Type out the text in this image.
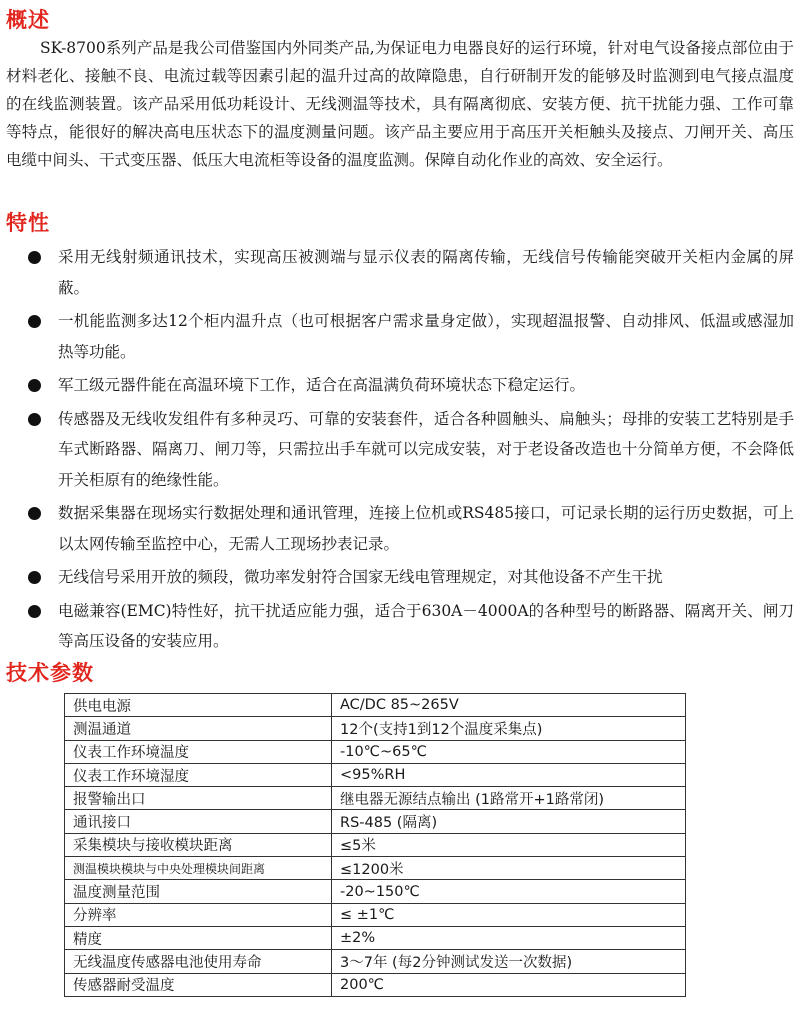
概述

SK-8700系列产品是我公司借鉴国内外同类产品,为保证电力电器良好的运行环境，针对电气设备接点部位由于材料老化、接触不良、电流过载等因素引起的温升过高的故障隐患，自行研制开发的能够及时监测到电气接点温度的在线监测装置。该产品采用低功耗设计、无线测温等技术，具有隔离彻底、安装方便、抗干扰能力强、工作可靠等特点，能很好的解决高电压状态下的温度测量问题。该产品主要应用于高压开关柜触头及接点、刀闸开关、高压电缆中间头、干式变压器、低压大电流柜等设备的温度监测。保障自动化作业的高效、安全运行。

特性
采用无线射频通讯技术，实现高压被测端与显示仪表的隔离传输，无线信号传输能突破开关柜内金属的屏蔽。
一机能监测多达12个柜内温升点（也可根据客户需求量身定做），实现超温报警、自动排风、低温或感湿加热等功能。
军工级元器件能在高温环境下工作，适合在高温满负荷环境状态下稳定运行。
传感器及无线收发组件有多种灵巧、可靠的安装套件，适合各种圆触头、扁触头；母排的安装工艺特别是手车式断路器、隔离刀、闸刀等，只需拉出手车就可以完成安装，对于老设备改造也十分简单方便，不会降低开关柜原有的绝缘性能。
数据采集器在现场实行数据处理和通讯管理，连接上位机或RS485接口，可记录长期的运行历史数据，可上以太网传输至监控中心，无需人工现场抄表记录。
无线信号采用开放的频段，微功率发射符合国家无线电管理规定，对其他设备不产生干扰
电磁兼容(EMC)特性好，抗干扰适应能力强，适合于630A－4000A的各种型号的断路器、隔离开关、闸刀等高压设备的安装应用。
技术参数
供电电源	AC/DC 85~265V
测温通道	12个(支持1到12个温度采集点)
仪表工作环境温度	-10℃~65℃
仪表工作环境湿度	<95%RH
报警输出口	继电器无源结点输出 (1路常开+1路常闭)
通讯接口	RS-485 (隔离)
采集模块与接收模块距离	≤5米
测温模块模块与中央处理模块间距离	≤1200米
温度测量范围	-20~150℃
分辨率	≤ ±1℃
精度	±2%
无线温度传感器电池使用寿命	3～7年 (每2分钟测试发送一次数据)
传感器耐受温度	200℃
